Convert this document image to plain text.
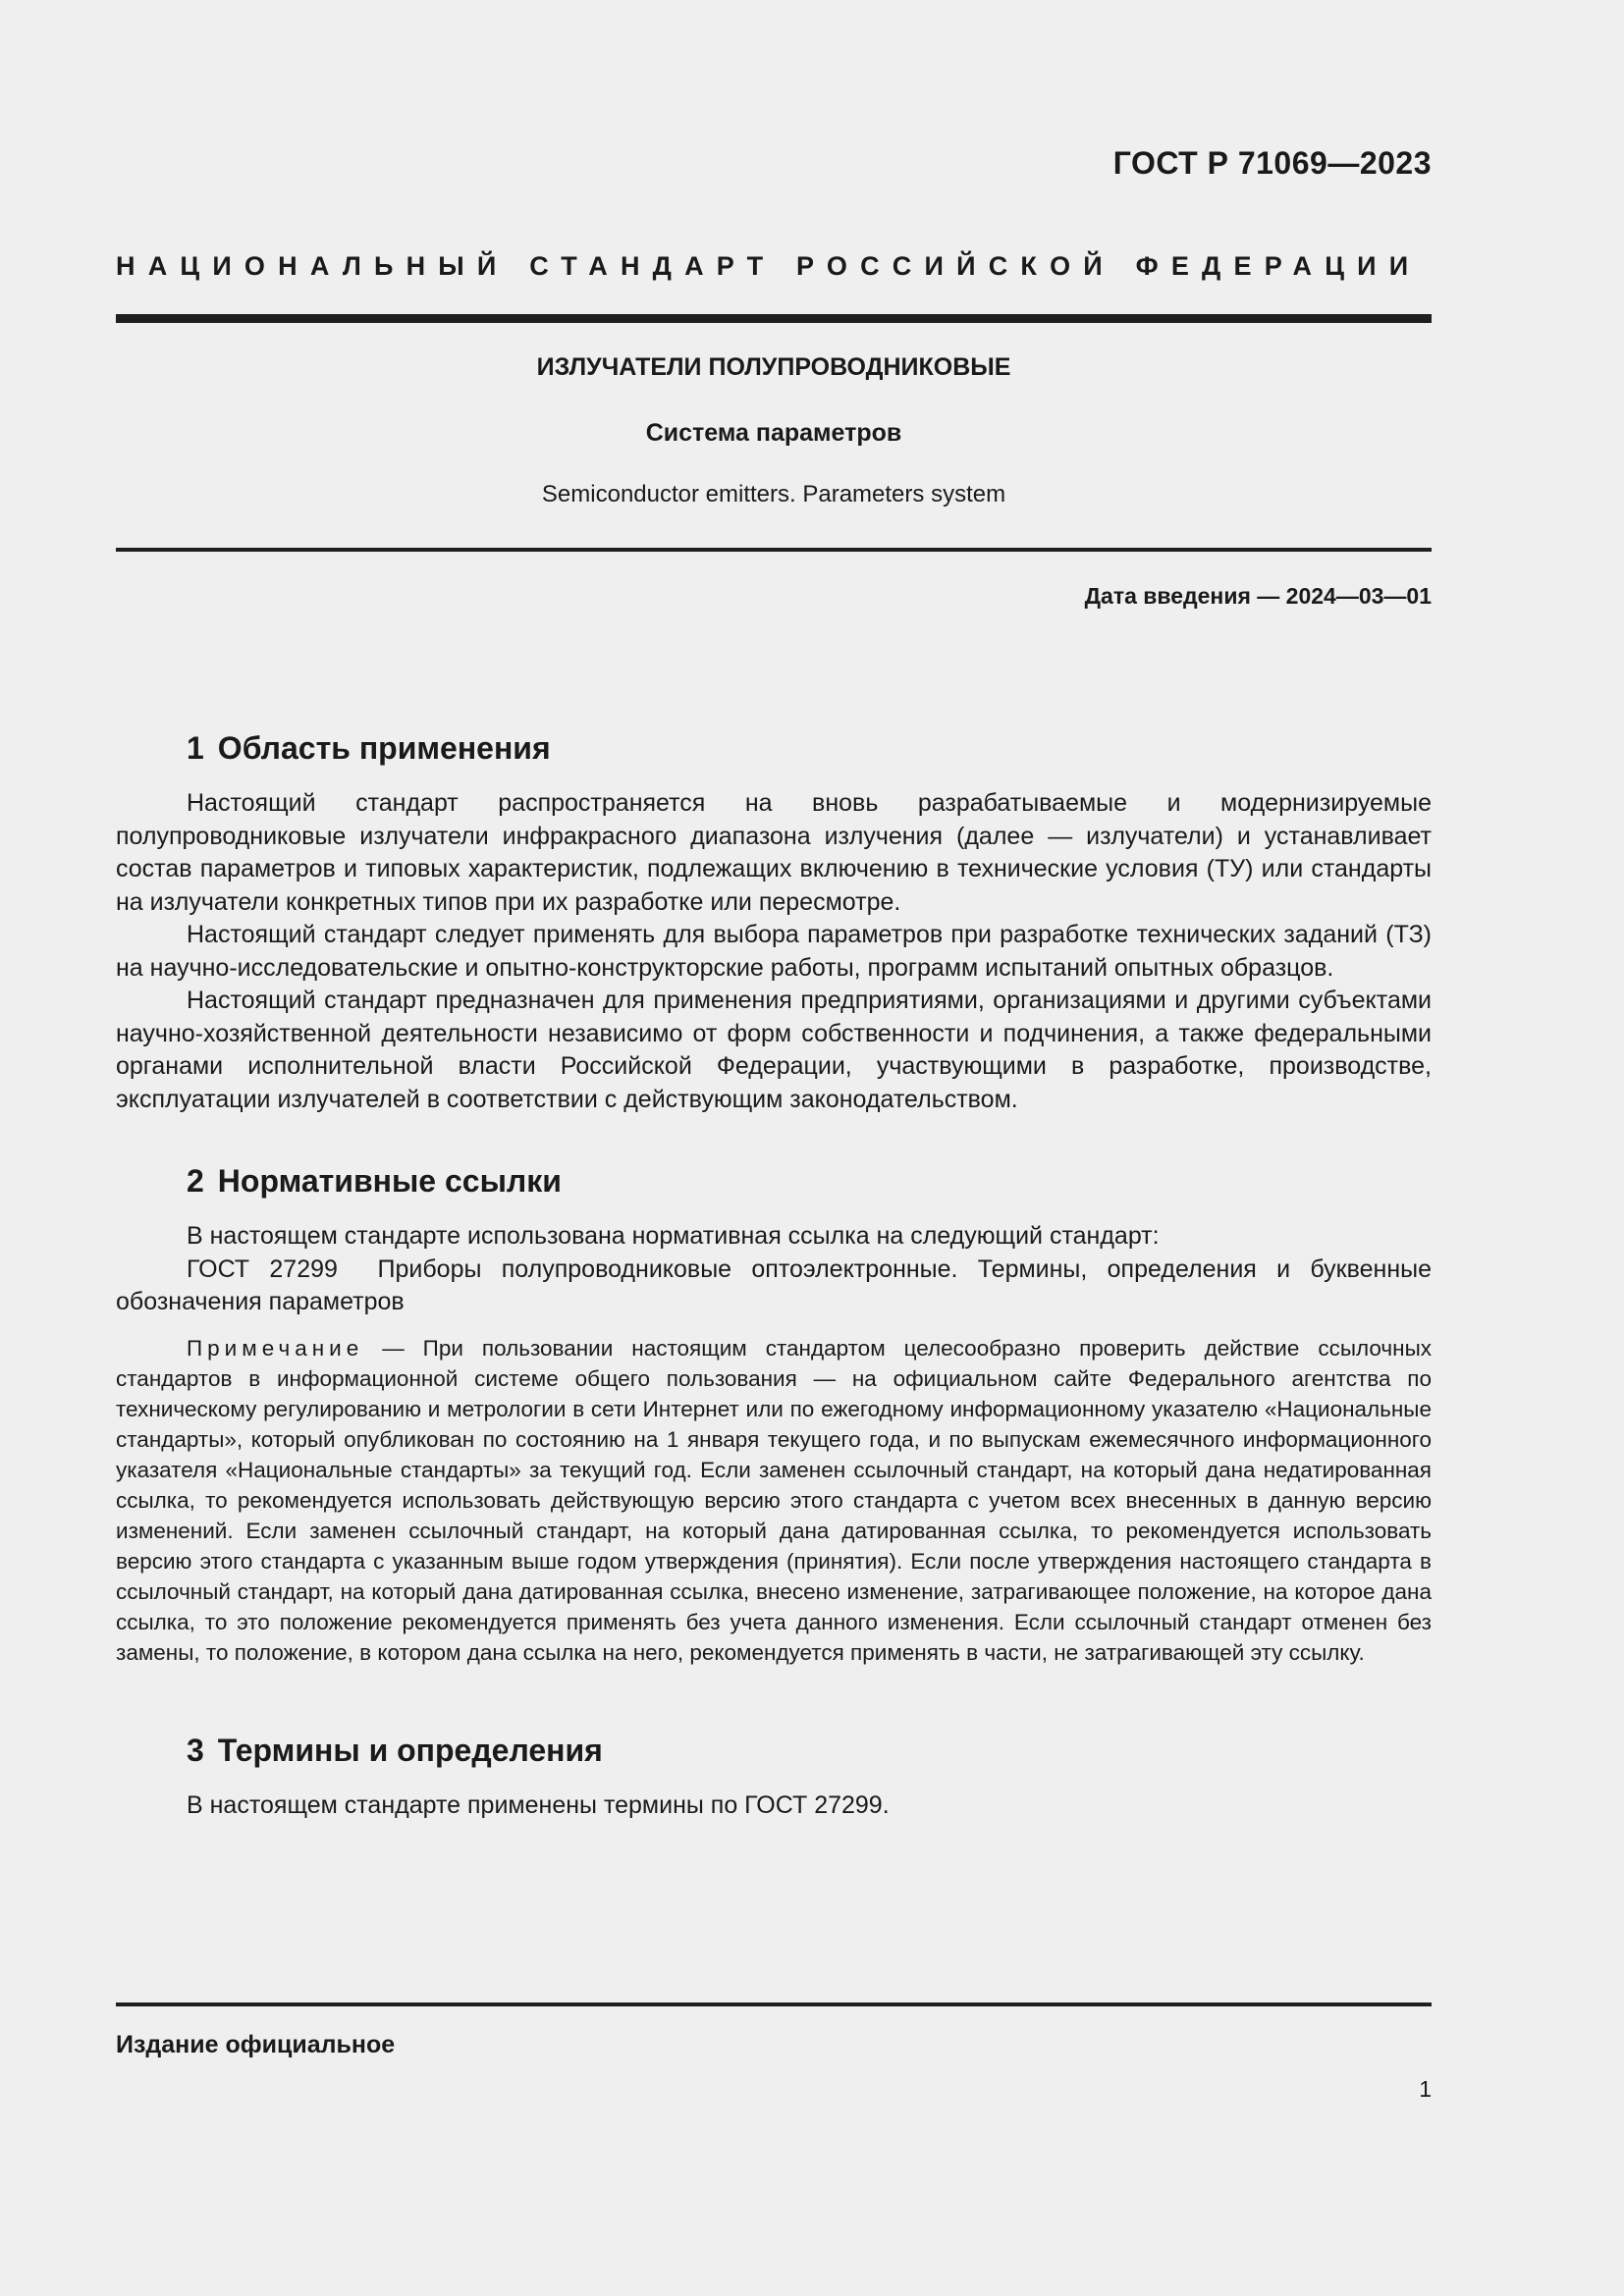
ГОСТ Р 71069—2023
НАЦИОНАЛЬНЫЙ СТАНДАРТ РОССИЙСКОЙ ФЕДЕРАЦИИ
ИЗЛУЧАТЕЛИ ПОЛУПРОВОДНИКОВЫЕ
Система параметров
Semiconductor emitters. Parameters system
Дата введения — 2024—03—01
1 Область применения

Настоящий стандарт распространяется на вновь разрабатываемые и модернизируемые полупроводниковые излучатели инфракрасного диапазона излучения (далее — излучатели) и устанавливает состав параметров и типовых характеристик, подлежащих включению в технические условия (ТУ) или стандарты на излучатели конкретных типов при их разработке или пересмотре.

Настоящий стандарт следует применять для выбора параметров при разработке технических заданий (ТЗ) на научно-исследовательские и опытно-конструкторские работы, программ испытаний опытных образцов.

Настоящий стандарт предназначен для применения предприятиями, организациями и другими субъектами научно-хозяйственной деятельности независимо от форм собственности и подчинения, а также федеральными органами исполнительной власти Российской Федерации, участвующими в разработке, производстве, эксплуатации излучателей в соответствии с действующим законодательством.

2 Нормативные ссылки

В настоящем стандарте использована нормативная ссылка на следующий стандарт:

ГОСТ 27299  Приборы полупроводниковые оптоэлектронные. Термины, определения и буквенные обозначения параметров

Примечание — При пользовании настоящим стандартом целесообразно проверить действие ссылочных стандартов в информационной системе общего пользования — на официальном сайте Федерального агентства по техническому регулированию и метрологии в сети Интернет или по ежегодному информационному указателю «Национальные стандарты», который опубликован по состоянию на 1 января текущего года, и по выпускам ежемесячного информационного указателя «Национальные стандарты» за текущий год. Если заменен ссылочный стандарт, на который дана недатированная ссылка, то рекомендуется использовать действующую версию этого стандарта с учетом всех внесенных в данную версию изменений. Если заменен ссылочный стандарт, на который дана датированная ссылка, то рекомендуется использовать версию этого стандарта с указанным выше годом утверждения (принятия). Если после утверждения настоящего стандарта в ссылочный стандарт, на который дана датированная ссылка, внесено изменение, затрагивающее положение, на которое дана ссылка, то это положение рекомендуется применять без учета данного изменения. Если ссылочный стандарт отменен без замены, то положение, в котором дана ссылка на него, рекомендуется применять в части, не затрагивающей эту ссылку.

3 Термины и определения

В настоящем стандарте применены термины по ГОСТ 27299.

Издание официальное
1
